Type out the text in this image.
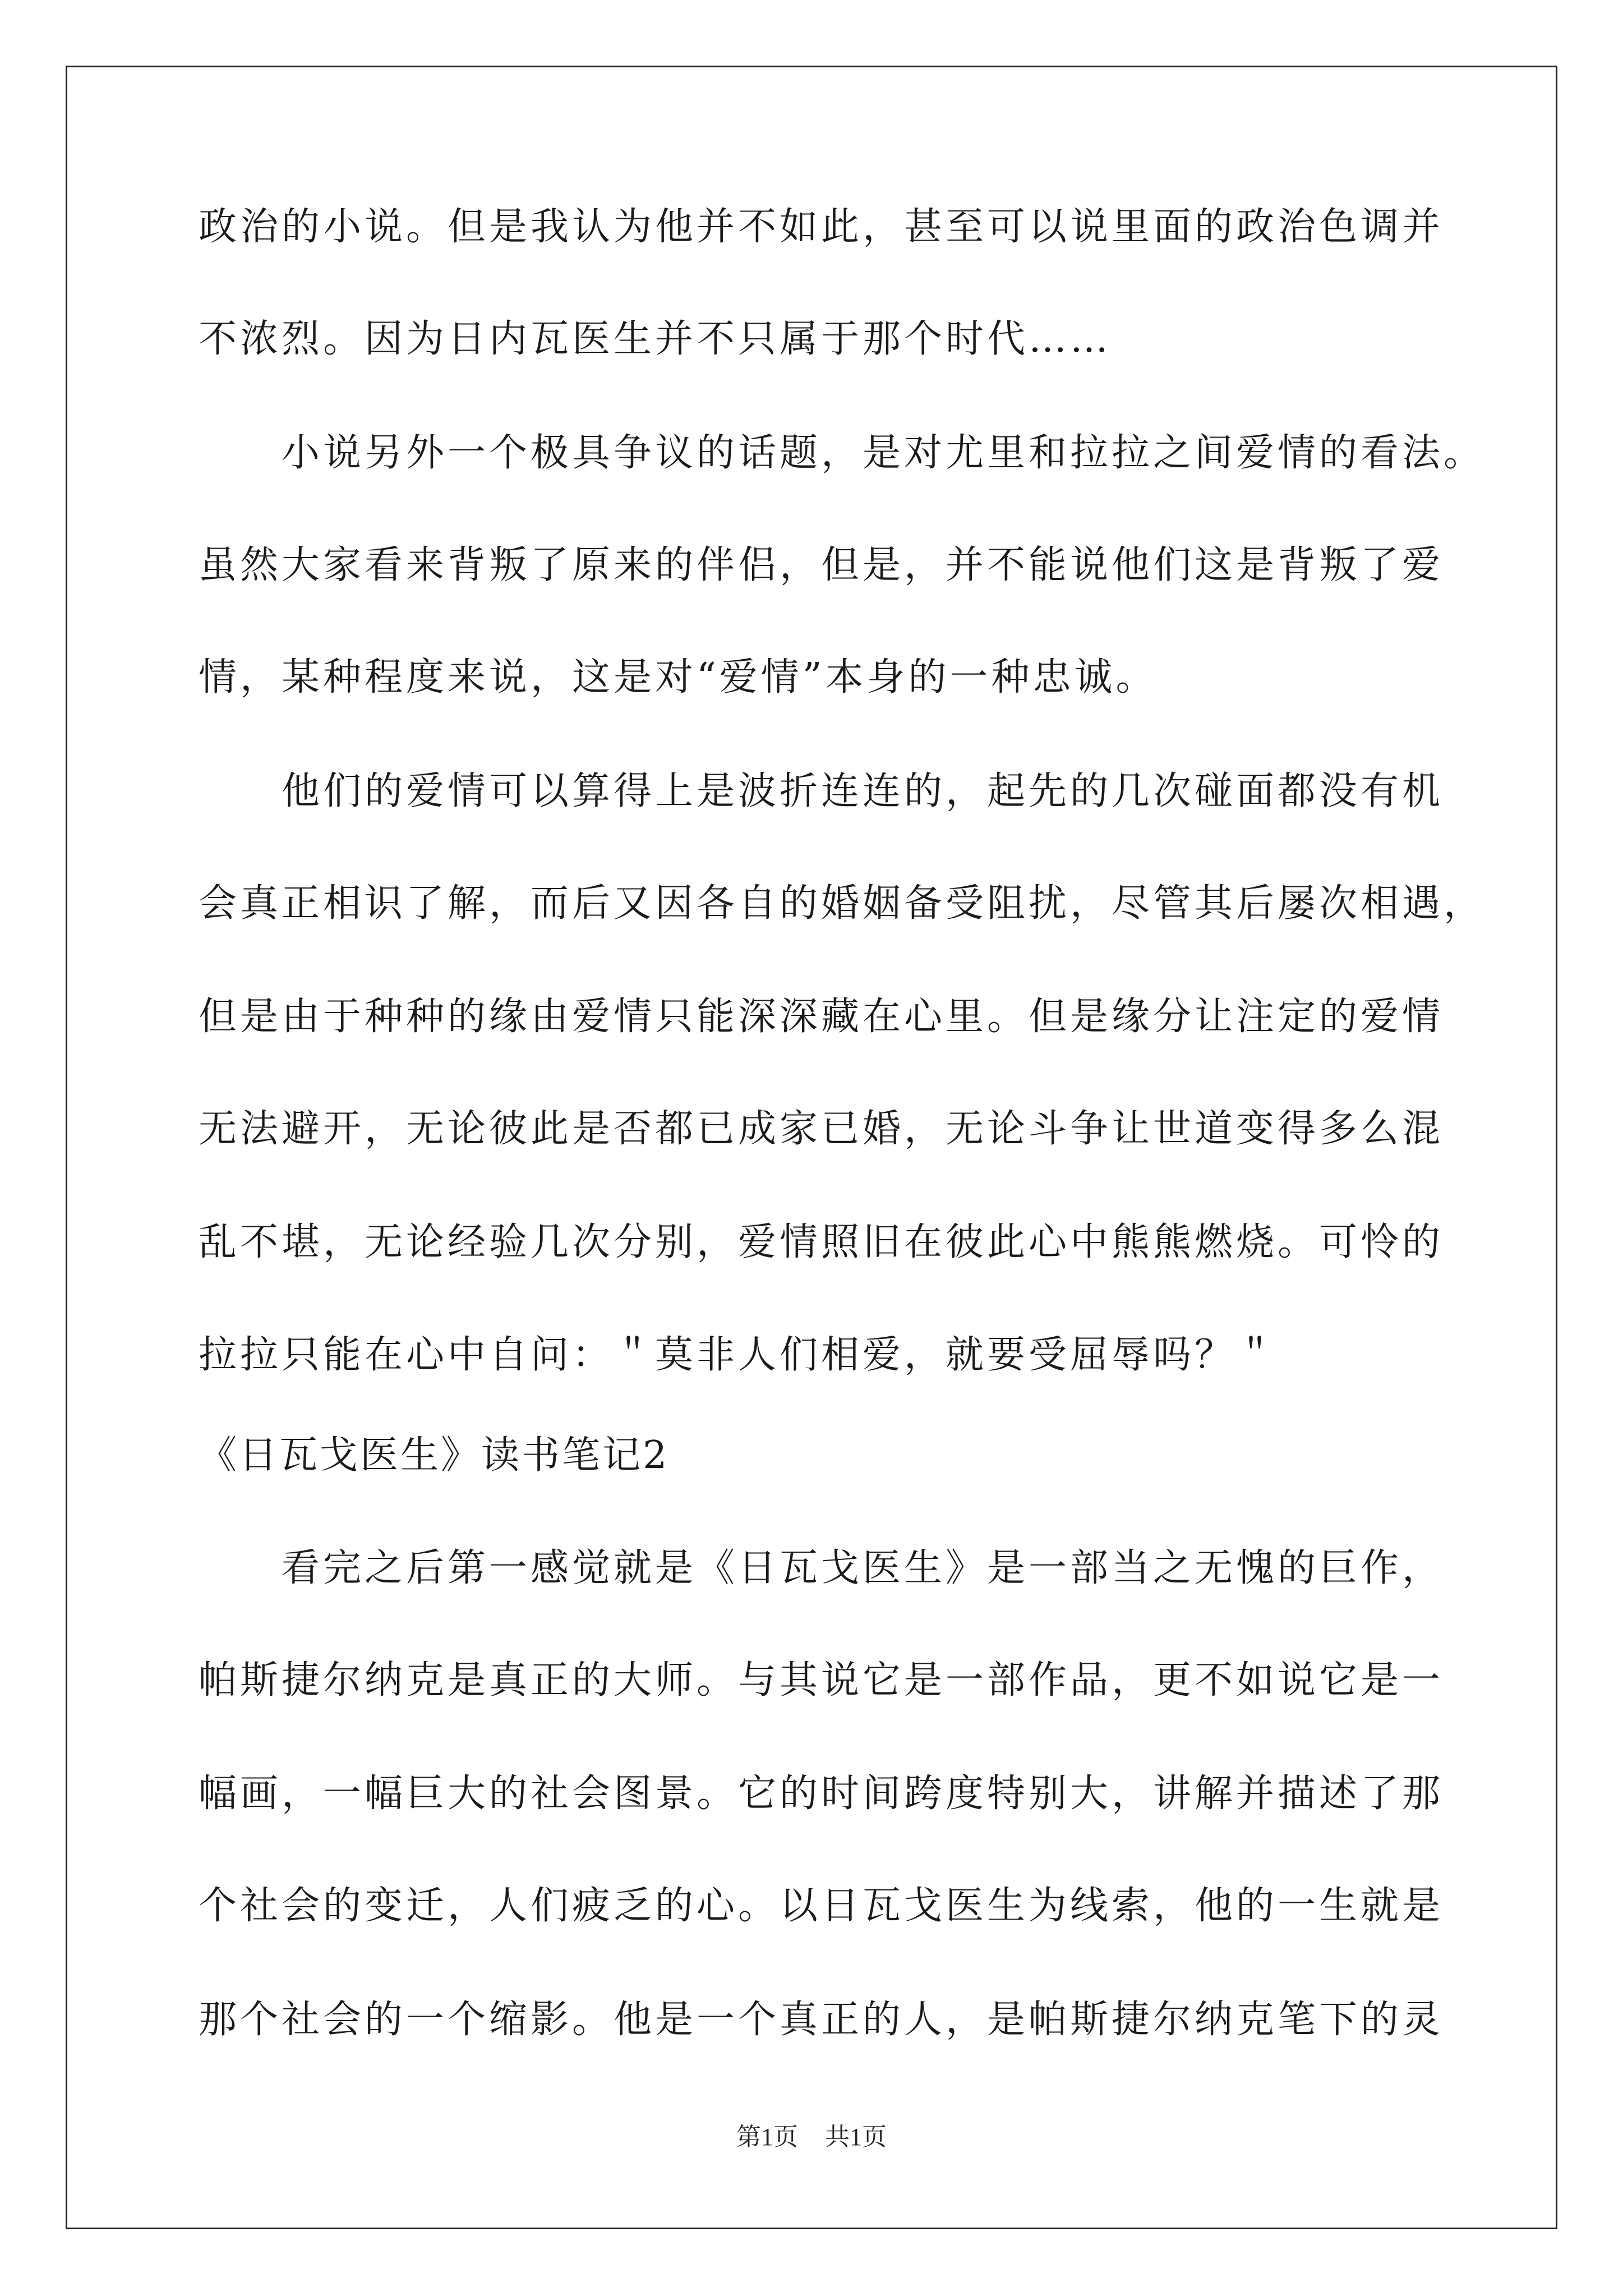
政治的小说。但是我认为他并不如此，甚至可以说里面的政治色调并
不浓烈。因为日内瓦医生并不只属于那个时代……
小说另外一个极具争议的话题，是对尤里和拉拉之间爱情的看法。
虽然大家看来背叛了原来的伴侣，但是，并不能说他们这是背叛了爱
情，某种程度来说，这是对“爱情”本身的一种忠诚。
他们的爱情可以算得上是波折连连的，起先的几次碰面都没有机
会真正相识了解，而后又因各自的婚姻备受阻扰，尽管其后屡次相遇，
但是由于种种的缘由爱情只能深深藏在心里。但是缘分让注定的爱情
无法避开，无论彼此是否都已成家已婚，无论斗争让世道变得多么混
乱不堪，无论经验几次分别，爱情照旧在彼此心中熊熊燃烧。可怜的
拉拉只能在心中自问：＂莫非人们相爱，就要受屈辱吗？＂
《日瓦戈医生》读书笔记2
看完之后第一感觉就是《日瓦戈医生》是一部当之无愧的巨作，
帕斯捷尔纳克是真正的大师。与其说它是一部作品，更不如说它是一
幅画，一幅巨大的社会图景。它的时间跨度特别大，讲解并描述了那
个社会的变迁，人们疲乏的心。以日瓦戈医生为线索，他的一生就是
那个社会的一个缩影。他是一个真正的人，是帕斯捷尔纳克笔下的灵
第1页 共1页
